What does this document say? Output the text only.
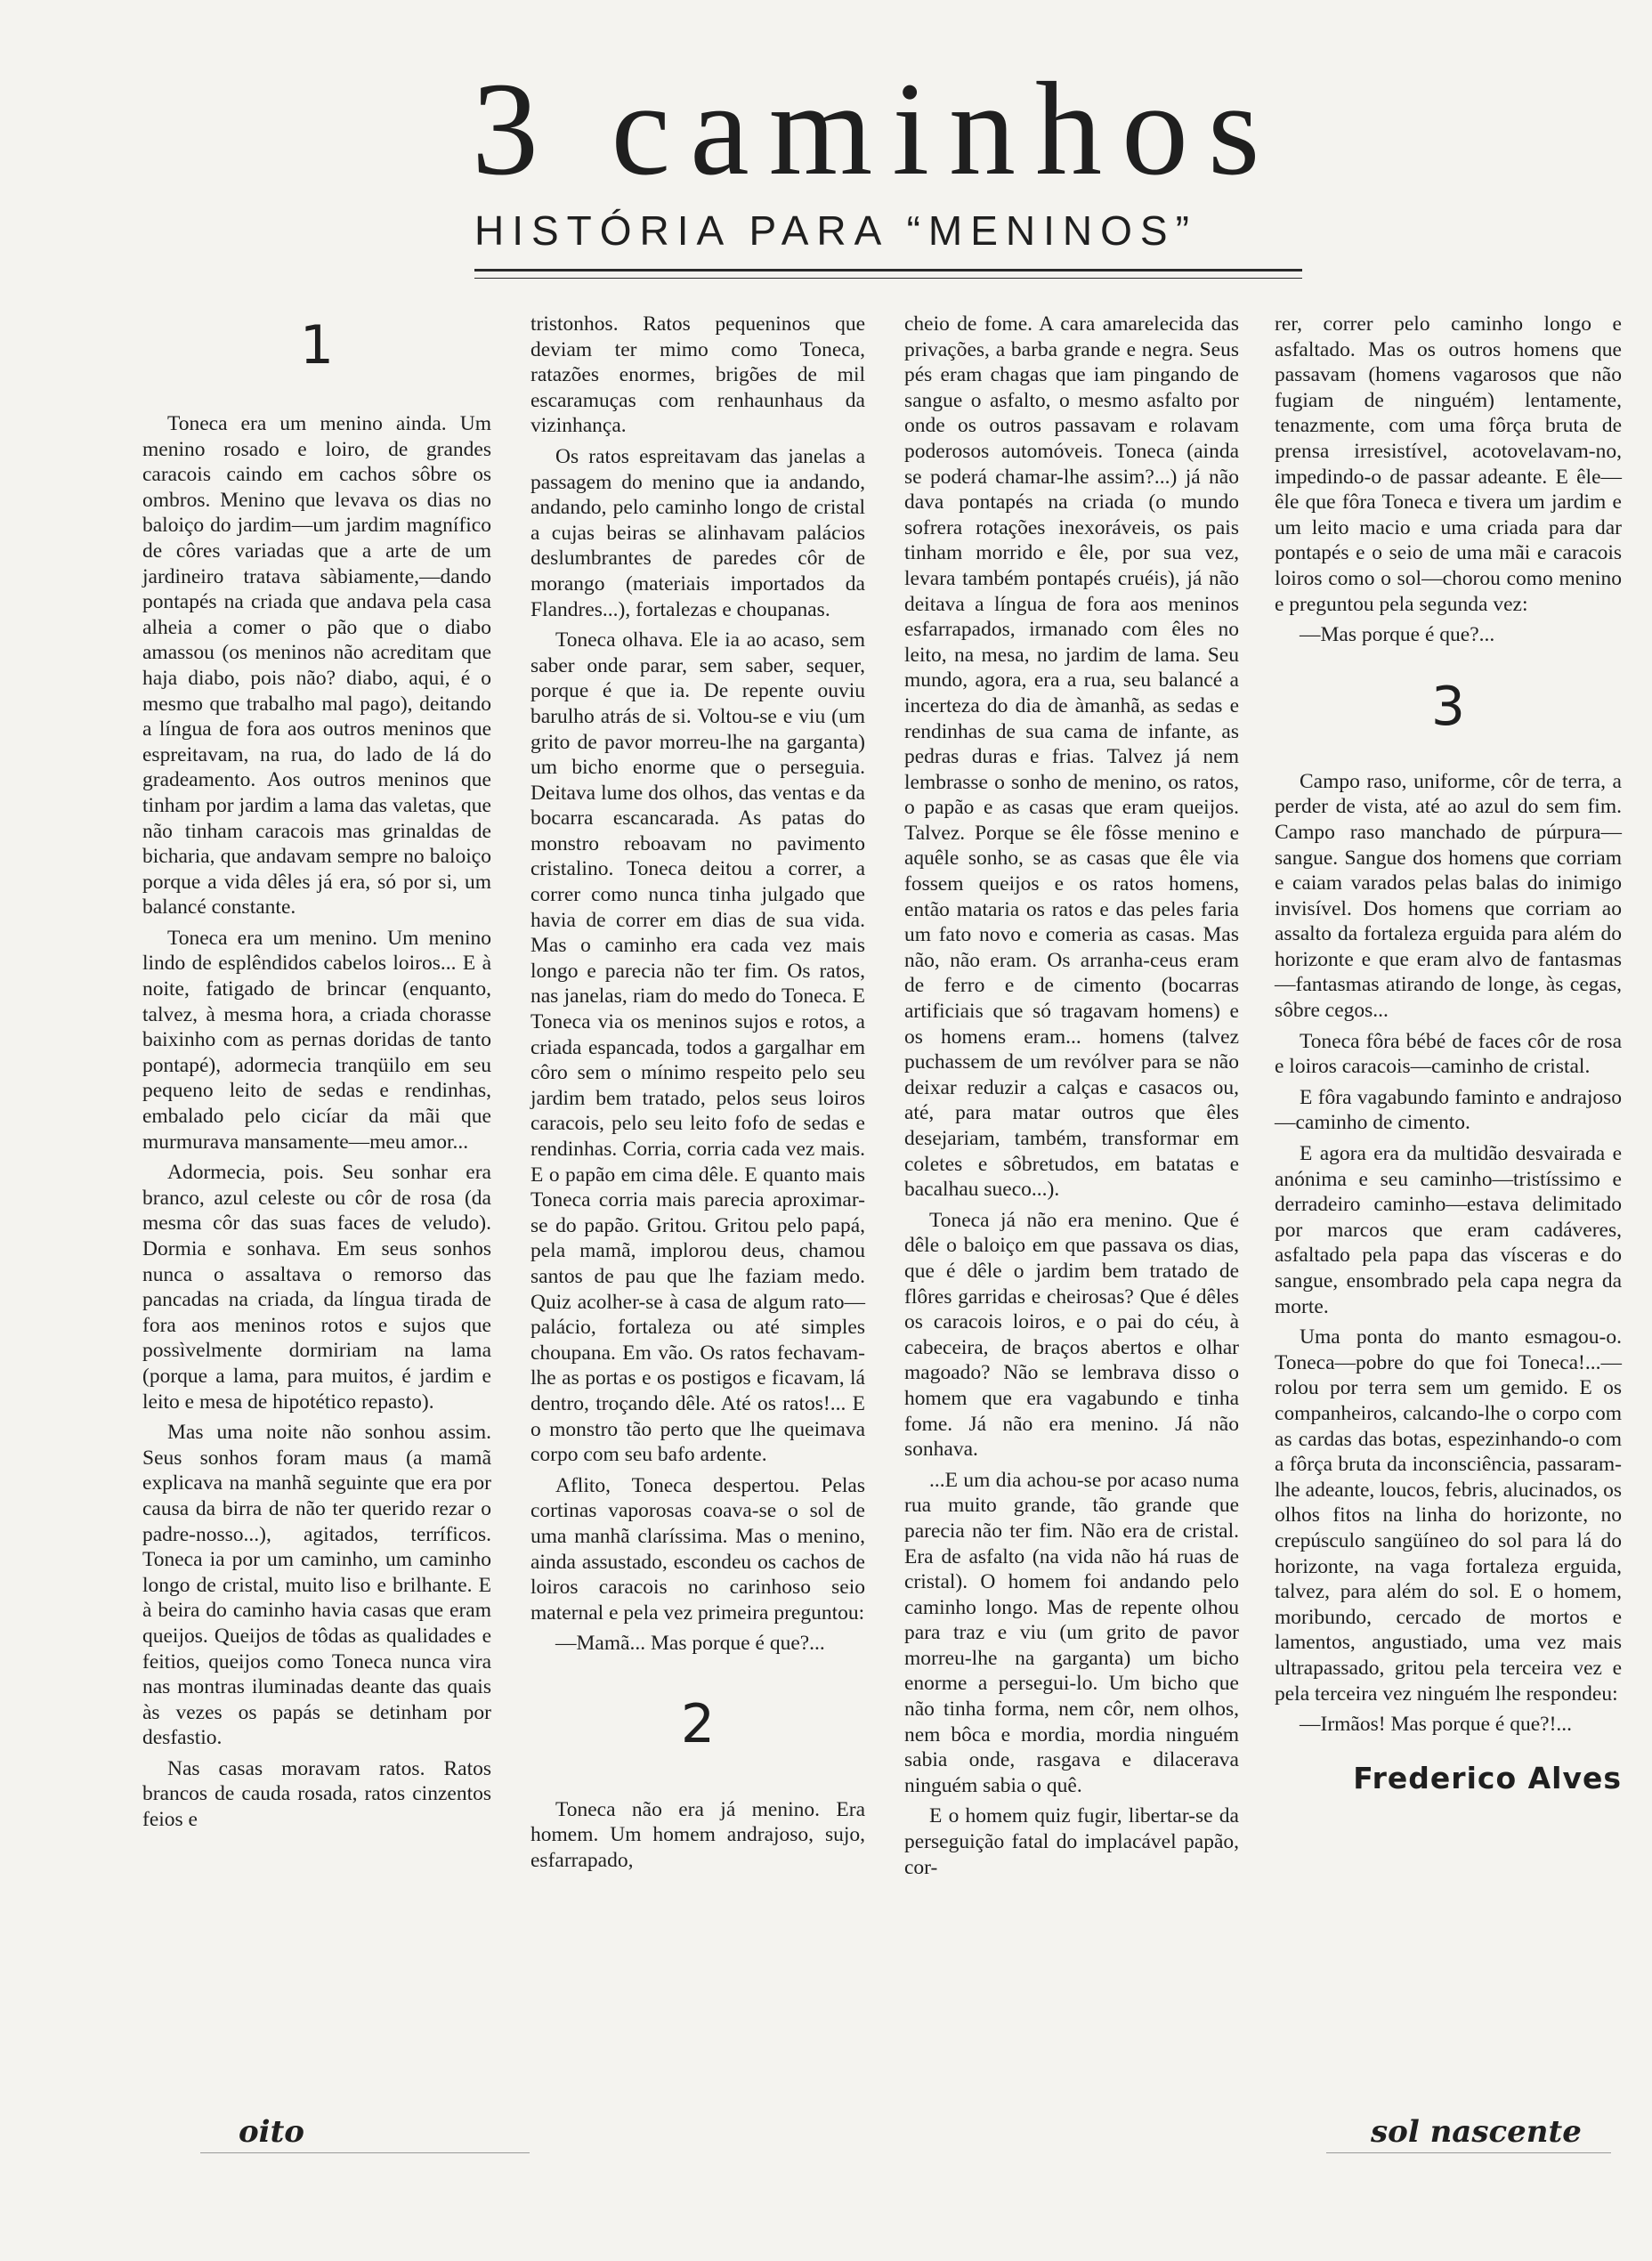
3 caminhos
HISTÓRIA PARA “MENINOS”
1

Toneca era um menino ainda. Um menino rosado e loiro, de grandes caracois caindo em cachos sôbre os ombros. Menino que levava os dias no baloiço do jardim—um jardim magnífico de côres variadas que a arte de um jardineiro tratava sàbiamente,—dando pontapés na criada que andava pela casa alheia a comer o pão que o diabo amassou (os meninos não acreditam que haja diabo, pois não? diabo, aqui, é o mesmo que trabalho mal pago), deitando a língua de fora aos outros meninos que espreitavam, na rua, do lado de lá do gradeamento. Aos outros meninos que tinham por jardim a lama das valetas, que não tinham caracois mas grinaldas de bicharia, que andavam sempre no baloiço porque a vida dêles já era, só por si, um balancé constante.

Toneca era um menino. Um menino lindo de esplêndidos cabelos loiros... E à noite, fatigado de brincar (enquanto, talvez, à mesma hora, a criada chorasse baixinho com as pernas doridas de tanto pontapé), adormecia tranqüilo em seu pequeno leito de sedas e rendinhas, embalado pelo cicíar da mãi que murmurava mansamente—meu amor...

Adormecia, pois. Seu sonhar era branco, azul celeste ou côr de rosa (da mesma côr das suas faces de veludo). Dormia e sonhava. Em seus sonhos nunca o assaltava o remorso das pancadas na criada, da língua tirada de fora aos meninos rotos e sujos que possìvelmente dormiriam na lama (porque a lama, para muitos, é jardim e leito e mesa de hipotético repasto).

Mas uma noite não sonhou assim. Seus sonhos foram maus (a mamã explicava na manhã seguinte que era por causa da birra de não ter querido rezar o padre-nosso...), agitados, terríficos. Toneca ia por um caminho, um caminho longo de cristal, muito liso e brilhante. E à beira do caminho havia casas que eram queijos. Queijos de tôdas as qualidades e feitios, queijos como Toneca nunca vira nas montras iluminadas deante das quais às vezes os papás se detinham por desfastio.

Nas casas moravam ratos. Ratos brancos de cauda rosada, ratos cinzentos feios e

tristonhos. Ratos pequeninos que deviam ter mimo como Toneca, ratazões enormes, brigões de mil escaramuças com renhaunhaus da vizinhança.

Os ratos espreitavam das janelas a passagem do menino que ia andando, andando, pelo caminho longo de cristal a cujas beiras se alinhavam palácios deslumbrantes de paredes côr de morango (materiais importados da Flandres...), fortalezas e choupanas.

Toneca olhava. Ele ia ao acaso, sem saber onde parar, sem saber, sequer, porque é que ia. De repente ouviu barulho atrás de si. Voltou-se e viu (um grito de pavor morreu-lhe na garganta) um bicho enorme que o perseguia. Deitava lume dos olhos, das ventas e da bocarra escancarada. As patas do monstro reboavam no pavimento cristalino. Toneca deitou a correr, a correr como nunca tinha julgado que havia de correr em dias de sua vida. Mas o caminho era cada vez mais longo e parecia não ter fim. Os ratos, nas janelas, riam do medo do Toneca. E Toneca via os meninos sujos e rotos, a criada espancada, todos a gargalhar em côro sem o mínimo respeito pelo seu jardim bem tratado, pelos seus loiros caracois, pelo seu leito fofo de sedas e rendinhas. Corria, corria cada vez mais. E o papão em cima dêle. E quanto mais Toneca corria mais parecia aproximar-se do papão. Gritou. Gritou pelo papá, pela mamã, implorou deus, chamou santos de pau que lhe faziam medo. Quiz acolher-se à casa de algum rato—palácio, fortaleza ou até simples choupana. Em vão. Os ratos fechavam-lhe as portas e os postigos e ficavam, lá dentro, troçando dêle. Até os ratos!... E o monstro tão perto que lhe queimava corpo com seu bafo ardente.

Aflito, Toneca despertou. Pelas cortinas vaporosas coava-se o sol de uma manhã claríssima. Mas o menino, ainda assustado, escondeu os cachos de loiros caracois no carinhoso seio maternal e pela vez primeira preguntou:

—Mamã... Mas porque é que?...

2

Toneca não era já menino. Era homem. Um homem andrajoso, sujo, esfarrapado,

cheio de fome. A cara amarelecida das privações, a barba grande e negra. Seus pés eram chagas que iam pingando de sangue o asfalto, o mesmo asfalto por onde os outros passavam e rolavam poderosos automóveis. Toneca (ainda se poderá chamar-lhe assim?...) já não dava pontapés na criada (o mundo sofrera rotações inexoráveis, os pais tinham morrido e êle, por sua vez, levara também pontapés cruéis), já não deitava a língua de fora aos meninos esfarrapados, irmanado com êles no leito, na mesa, no jardim de lama. Seu mundo, agora, era a rua, seu balancé a incerteza do dia de àmanhã, as sedas e rendinhas de sua cama de infante, as pedras duras e frias. Talvez já nem lembrasse o sonho de menino, os ratos, o papão e as casas que eram queijos. Talvez. Porque se êle fôsse menino e aquêle sonho, se as casas que êle via fossem queijos e os ratos homens, então mataria os ratos e das peles faria um fato novo e comeria as casas. Mas não, não eram. Os arranha-ceus eram de ferro e de cimento (bocarras artificiais que só tragavam homens) e os homens eram... homens (talvez puchassem de um revólver para se não deixar reduzir a calças e casacos ou, até, para matar outros que êles desejariam, também, transformar em coletes e sôbretudos, em batatas e bacalhau sueco...).

Toneca já não era menino. Que é dêle o baloiço em que passava os dias, que é dêle o jardim bem tratado de flôres garridas e cheirosas? Que é dêles os caracois loiros, e o pai do céu, à cabeceira, de braços abertos e olhar magoado? Não se lembrava disso o homem que era vagabundo e tinha fome. Já não era menino. Já não sonhava.

...E um dia achou-se por acaso numa rua muito grande, tão grande que parecia não ter fim. Não era de cristal. Era de asfalto (na vida não há ruas de cristal). O homem foi andando pelo caminho longo. Mas de repente olhou para traz e viu (um grito de pavor morreu-lhe na garganta) um bicho enorme a persegui-lo. Um bicho que não tinha forma, nem côr, nem olhos, nem bôca e mordia, mordia ninguém sabia onde, rasgava e dilacerava ninguém sabia o quê.

E o homem quiz fugir, libertar-se da perseguição fatal do implacável papão, cor-

rer, correr pelo caminho longo e asfaltado. Mas os outros homens que passavam (homens vagarosos que não fugiam de ninguém) lentamente, tenazmente, com uma fôrça bruta de prensa irresistível, acotovelavam-no, impedindo-o de passar adeante. E êle—êle que fôra Toneca e tivera um jardim e um leito macio e uma criada para dar pontapés e o seio de uma mãi e caracois loiros como o sol—chorou como menino e preguntou pela segunda vez:

—Mas porque é que?...

3

Campo raso, uniforme, côr de terra, a perder de vista, até ao azul do sem fim. Campo raso manchado de púrpura—sangue. Sangue dos homens que corriam e caiam varados pelas balas do inimigo invisível. Dos homens que corriam ao assalto da fortaleza erguida para além do horizonte e que eram alvo de fantasmas—fantasmas atirando de longe, às cegas, sôbre cegos...

Toneca fôra bébé de faces côr de rosa e loiros caracois—caminho de cristal.

E fôra vagabundo faminto e andrajoso—caminho de cimento.

E agora era da multidão desvairada e anónima e seu caminho—tristíssimo e derradeiro caminho—estava delimitado por marcos que eram cadáveres, asfaltado pela papa das vísceras e do sangue, ensombrado pela capa negra da morte.

Uma ponta do manto esmagou-o. Toneca—pobre do que foi Toneca!...—rolou por terra sem um gemido. E os companheiros, calcando-lhe o corpo com as cardas das botas, espezinhando-o com a fôrça bruta da inconsciência, passaram-lhe adeante, loucos, febris, alucinados, os olhos fitos na linha do horizonte, no crepúsculo sangüíneo do sol para lá do horizonte, na vaga fortaleza erguida, talvez, para além do sol. E o homem, moribundo, cercado de mortos e lamentos, angustiado, uma vez mais ultrapassado, gritou pela terceira vez e pela terceira vez ninguém lhe respondeu:

—Irmãos! Mas porque é que?!...

Frederico Alves
oito	sol nascente
